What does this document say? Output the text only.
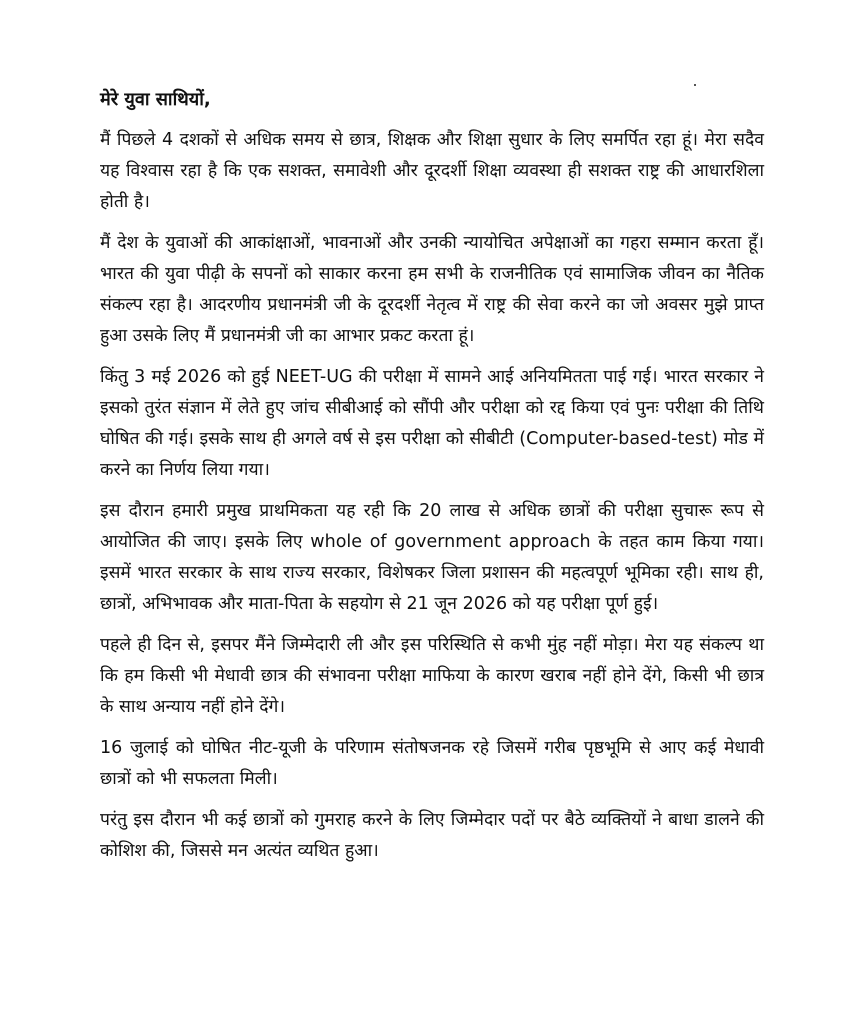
मेरे युवा साथियों,

मैं पिछले 4 दशकों से अधिक समय से छात्र, शिक्षक और शिक्षा सुधार के लिए समर्पित रहा हूं। मेरा सदैव यह विश्वास रहा है कि एक सशक्त, समावेशी और दूरदर्शी शिक्षा व्यवस्था ही सशक्त राष्ट्र की आधारशिला होती है।

मैं देश के युवाओं की आकांक्षाओं, भावनाओं और उनकी न्यायोचित अपेक्षाओं का गहरा सम्मान करता हूँ। भारत की युवा पीढ़ी के सपनों को साकार करना हम सभी के राजनीतिक एवं सामाजिक जीवन का नैतिक संकल्प रहा है। आदरणीय प्रधानमंत्री जी के दूरदर्शी नेतृत्व में राष्ट्र की सेवा करने का जो अवसर मुझे प्राप्त हुआ उसके लिए मैं प्रधानमंत्री जी का आभार प्रकट करता हूं।

किंतु 3 मई 2026 को हुई NEET-UG की परीक्षा में सामने आई अनियमितता पाई गई। भारत सरकार ने इसको तुरंत संज्ञान में लेते हुए जांच सीबीआई को सौंपी और परीक्षा को रद्द किया एवं पुनः परीक्षा की तिथि घोषित की गई। इसके साथ ही अगले वर्ष से इस परीक्षा को सीबीटी (Computer-based-test) मोड में करने का निर्णय लिया गया।

इस दौरान हमारी प्रमुख प्राथमिकता यह रही कि 20 लाख से अधिक छात्रों की परीक्षा सुचारू रूप से आयोजित की जाए। इसके लिए whole of government approach के तहत काम किया गया। इसमें भारत सरकार के साथ राज्य सरकार, विशेषकर जिला प्रशासन की महत्वपूर्ण भूमिका रही। साथ ही, छात्रों, अभिभावक और माता-पिता के सहयोग से 21 जून 2026 को यह परीक्षा पूर्ण हुई।

पहले ही दिन से, इसपर मैंने जिम्मेदारी ली और इस परिस्थिति से कभी मुंह नहीं मोड़ा। मेरा यह संकल्प था कि हम किसी भी मेधावी छात्र की संभावना परीक्षा माफिया के कारण खराब नहीं होने देंगे, किसी भी छात्र के साथ अन्याय नहीं होने देंगे।

16 जुलाई को घोषित नीट-यूजी के परिणाम संतोषजनक रहे जिसमें गरीब पृष्ठभूमि से आए कई मेधावी छात्रों को भी सफलता मिली।

परंतु इस दौरान भी कई छात्रों को गुमराह करने के लिए जिम्मेदार पदों पर बैठे व्यक्तियों ने बाधा डालने की कोशिश की, जिससे मन अत्यंत व्यथित हुआ।
